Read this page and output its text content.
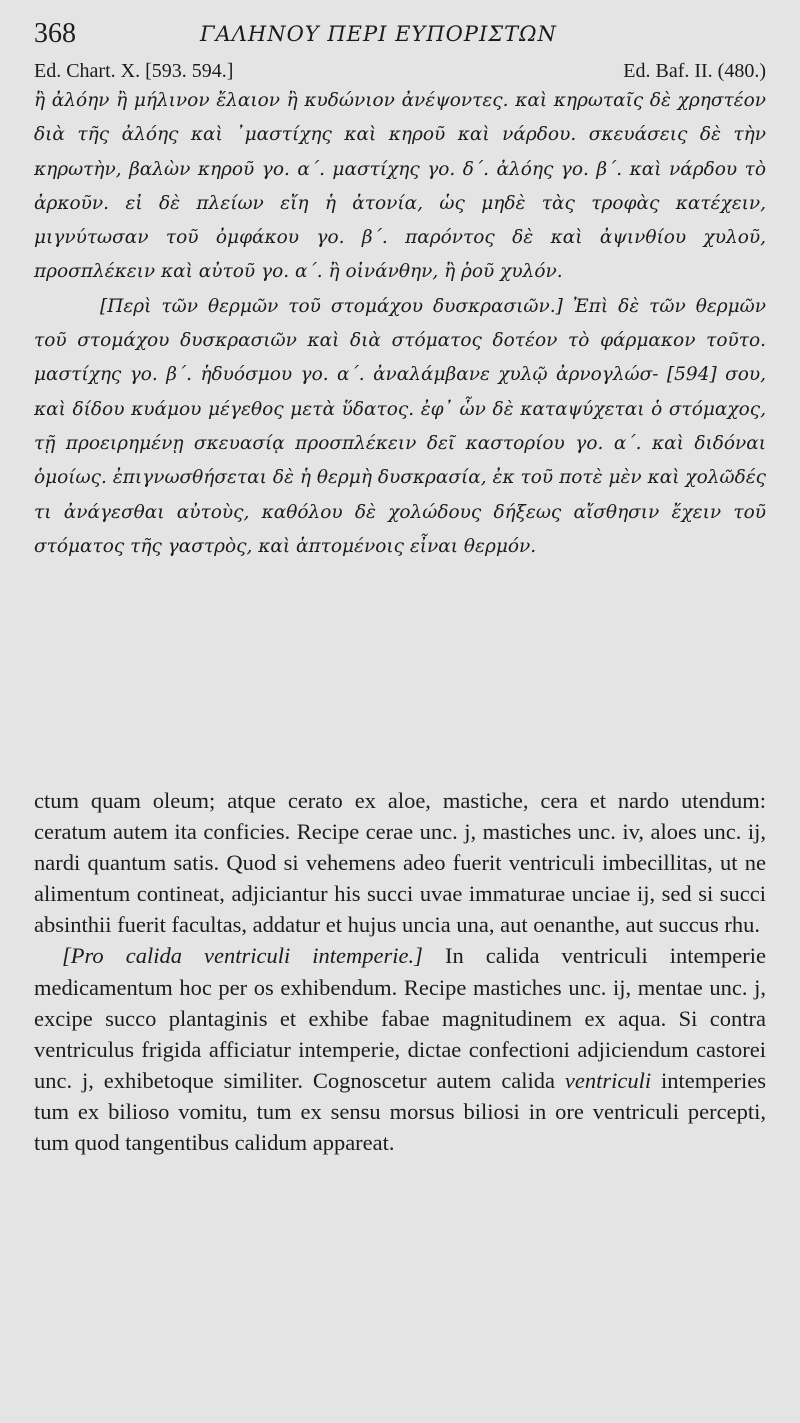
368	ΓΑΛΗΝΟΥ ΠΕΡΙ ΕΥΠΟΡΙΣΤΩΝ
Ed. Chart. X. [593. 594.]	Ed. Baf. II. (480.)

ἢ ἀλόην ἢ μήλινον ἔλαιον ἢ κυδώνιον ἀνέψοντες. καὶ κηρωταῖς δὲ χρηστέον διὰ τῆς ἀλόης καὶ ᾿μαστίχης καὶ κηροῦ καὶ νάρδου. σκευάσεις δὲ τὴν κηρωτὴν, βαλὼν κηροῦ γο. α΄. μαστίχης γο. δ΄. ἀλόης γο. β΄. καὶ νάρδου τὸ ἀρκοῦν. εἰ δὲ πλείων εἴη ἡ ἀτονία, ὡς μηδὲ τὰς τροφὰς κατέχειν, μιγνύτωσαν τοῦ ὀμφάκου γο. β΄. παρόντος δὲ καὶ ἀψινθίου χυλοῦ, προσπλέκειν καὶ αὐτοῦ γο. α΄. ἢ οἰνάνθην, ἢ ῥοῦ χυλόν.

[Περὶ τῶν θερμῶν τοῦ στομάχου δυσκρασιῶν.] Ἐπὶ δὲ τῶν θερμῶν τοῦ στομάχου δυσκρασιῶν καὶ διὰ στόματος δοτέον τὸ φάρμακον τοῦτο. μαστίχης γο. β΄. ἡδυόσμου γο. α΄. ἀναλάμβανε χυλῷ ἀρνογλώσ- [594] σου, καὶ δίδου κυάμου μέγεθος μετὰ ὕδατος. ἐφ᾿ ὧν δὲ καταψύχεται ὁ στόμαχος, τῇ προειρημένῃ σκευασίᾳ προσπλέκειν δεῖ καστορίου γο. α΄. καὶ διδόναι ὁμοίως. ἐπιγνωσθήσεται δὲ ἡ θερμὴ δυσκρασία, ἐκ τοῦ ποτὲ μὲν καὶ χολῶδές τι ἀνάγεσθαι αὐτοὺς, καθόλου δὲ χολώδους δήξεως αἴσθησιν ἔχειν τοῦ στόματος τῆς γαστρὸς, καὶ ἁπτομένοις εἶναι θερμόν.

ctum quam oleum; atque cerato ex aloe, mastiche, cera et nardo utendum: ceratum autem ita conficies. Recipe cerae unc. j, mastiches unc. iv, aloes unc. ij, nardi quantum satis. Quod si vehemens adeo fuerit ventriculi imbecillitas, ut ne alimentum contineat, adjiciantur his succi uvae immaturae unciae ij, sed si succi absinthii fuerit facultas, addatur et hujus uncia una, aut oenanthe, aut succus rhu.

[Pro calida ventriculi intemperie.] In calida ventriculi intemperie medicamentum hoc per os exhibendum. Recipe mastiches unc. ij, mentae unc. j, excipe succo plantaginis et exhibe fabae magnitudinem ex aqua. Si contra ventriculus frigida afficiatur intemperie, dictae confectioni adjiciendum castorei unc. j, exhibetoque similiter. Cognoscetur autem calida ventriculi intemperies tum ex bilioso vomitu, tum ex sensu morsus biliosi in ore ventriculi percepti, tum quod tangentibus calidum appareat.
